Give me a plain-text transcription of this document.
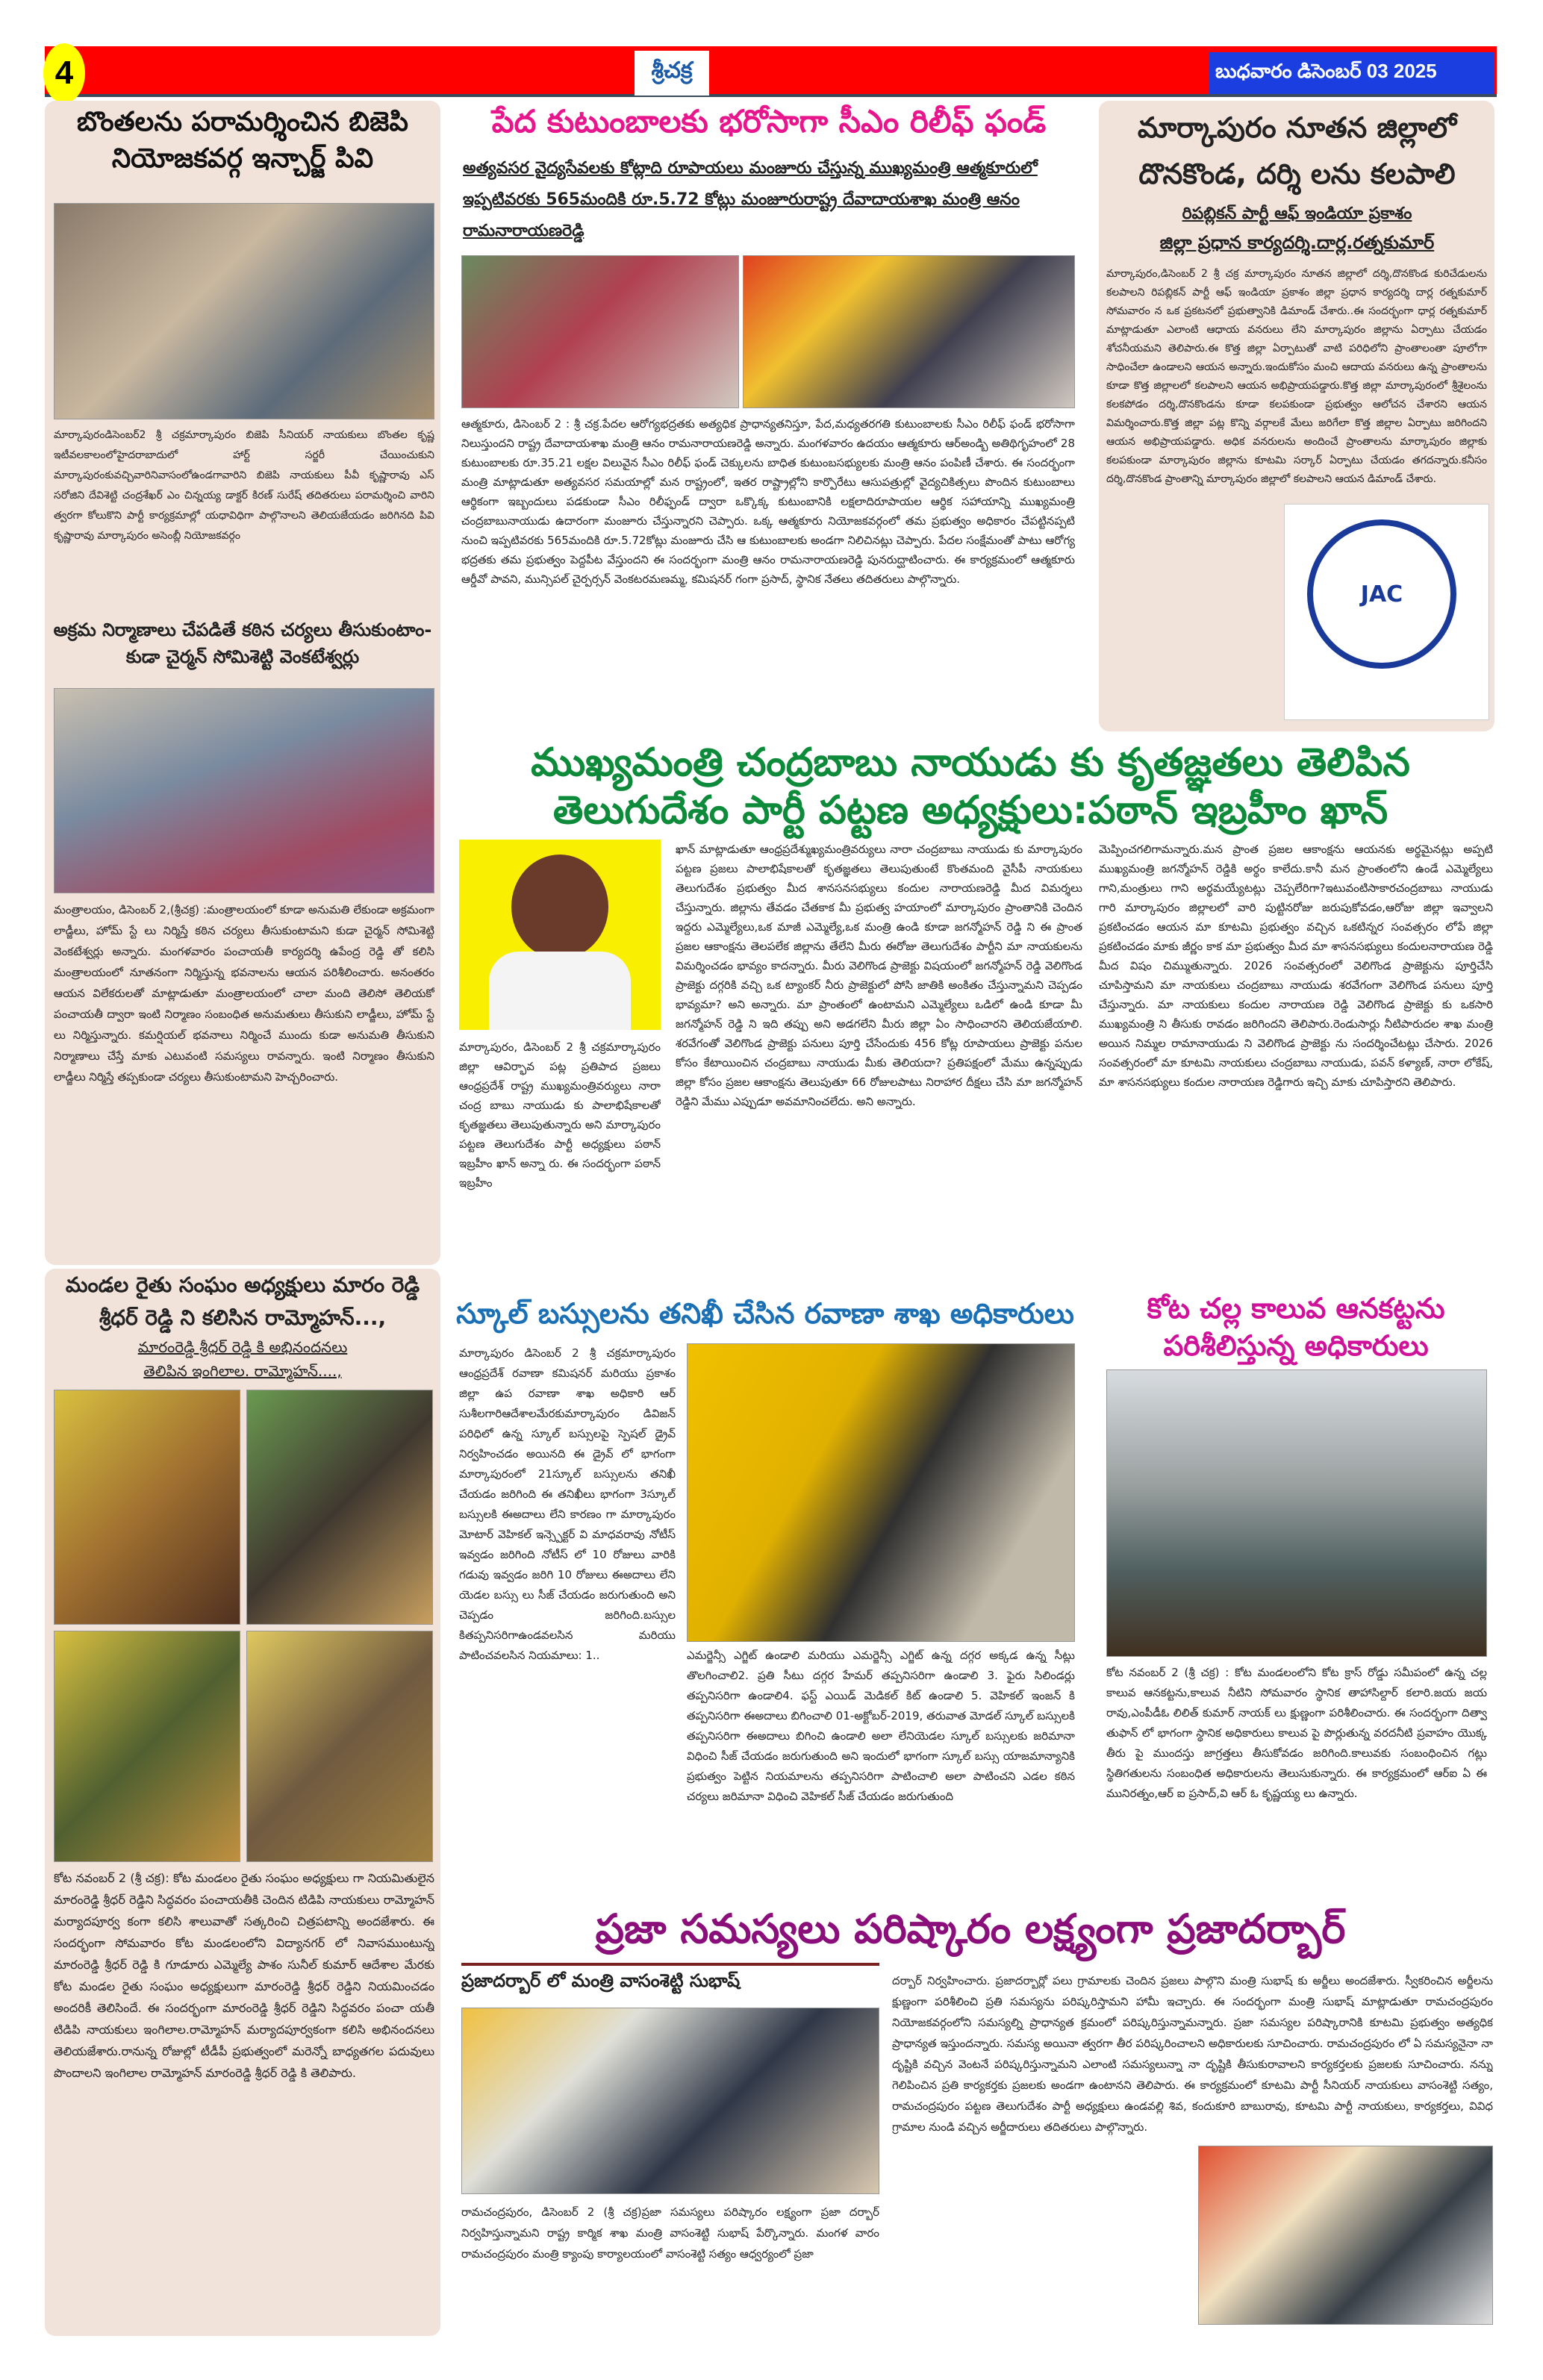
4	శ్రీచక్ర	బుధవారం డిసెంబర్ 03 2025
బొంతలను పరామర్శించిన బిజెపి నియోజకవర్గ ఇన్చార్జ్ పివి
మార్కాపురండిసెంబర్2 శ్రీ చక్రమార్కాపురం బిజెపి సీనియర్ నాయకులు బొంతల కృష్ణ ఇటీవలకాలంలోహైదరాబాదులో హార్ట్ సర్జరీ చేయించుకుని మార్కాపురంకువచ్చివారినివాసంలోఉండగావారిని బిజెపి నాయకులు పీవీ కృష్ణారావు ఎస్ సరోజిని దేవిశెట్టి చంద్రశేఖర్ ఎం చిన్నయ్య డాక్టర్ కిరణ్ సురేష్ తదితరులు పరామర్శించి వారిని త్వరగా కోలుకొని పార్టీ కార్యక్రమాల్లో యధావిధిగా పాల్గొనాలని తెలియజేయడం జరిగినది పివి కృష్ణారావు మార్కాపురం అసెంబ్లీ నియోజకవర్గం
అక్రమ నిర్మాణాలు చేపడితే కఠిన చర్యలు తీసుకుంటాం-కుడా చైర్మన్ సోమిశెట్టి వెంకటేశ్వర్లు
మంత్రాలయం, డిసెంబర్ 2,(శ్రీచక్ర) :మంత్రాలయంలో కూడా అనుమతి లేకుండా అక్రమంగా లాడ్జీలు, హోమ్ స్టే లు నిర్మిస్తే కఠిన చర్యలు తీసుకుంటామని కుడా చైర్మన్ సోమిశెట్టి వెంకటేశ్వర్లు అన్నారు. మంగళవారం పంచాయతీ కార్యదర్శి ఉపేంద్ర రెడ్డి తో కలిసి మంత్రాలయంలో నూతనంగా నిర్మిస్తున్న భవనాలను ఆయన పరిశీలించారు. అనంతరం ఆయన విలేకరులతో మాట్లాడుతూ మంత్రాలయంలో చాలా మంది తెలిసో తెలియకో పంచాయతీ ద్వారా ఇంటి నిర్మాణం సంబంధిత అనుమతులు తీసుకుని లాడ్జీలు, హోమ్ స్టే లు నిర్మిస్తున్నారు. కమర్షియల్ భవనాలు నిర్మించే ముందు కుడా అనుమతి తీసుకుని నిర్మాణాలు చేస్తే మాకు ఎటువంటి సమస్యలు రావన్నారు. ఇంటి నిర్మాణం తీసుకుని లాడ్జీలు నిర్మిస్తే తప్పకుండా చర్యలు తీసుకుంటామని హెచ్చరించారు.
మండల రైతు సంఘం అధ్యక్షులు మారం రెడ్డి శ్రీధర్ రెడ్డి ని కలిసిన రామ్మోహన్...,
మారంరెడ్డి శ్రీధర్ రెడ్డి కి అభినందనలు
తెలిపిన ఇంగిలాల. రామ్మోహన్....,
కోట నవంబర్ 2 (శ్రీ చక్ర): కోట మండలం రైతు సంఘం అధ్యక్షులు గా నియమితులైన మారంరెడ్డి శ్రీధర్ రెడ్డిని సిద్ధవరం పంచాయతీకి చెందిన టిడిపి నాయకులు రామ్మోహన్ మర్యాదపూర్వ కంగా కలిసి శాలువాతో సత్కరించి చిత్రపటాన్ని అందజేశారు. ఈ సందర్భంగా సోమవారం కోట మండలంలోని విద్యానగర్ లో నివాసముంటున్న మారంరెడ్డి శ్రీధర్ రెడ్డి కి గూడూరు ఎమ్మెల్యే పాశం సునీల్ కుమార్ ఆదేశాల మేరకు కోట మండల రైతు సంఘం అధ్యక్షులుగా మారంరెడ్డి శ్రీధర్ రెడ్డిని నియమించడం అందరికీ తెలిసిందే. ఈ సందర్భంగా మారంరెడ్డి శ్రీధర్ రెడ్డిని సిద్ధవరం పంచా యతీ టిడిపి నాయకులు ఇంగిలాల.రామ్మోహన్ మర్యాదపూర్వకంగా కలిసి అభినందనలు తెలియజేశారు.రానున్న రోజుల్లో టీడీపీ ప్రభుత్వంలో మరెన్నో బాధ్యతగల పదువులు పొందాలని ఇంగిలాల రామ్మోహన్ మారంరెడ్డి శ్రీధర్ రెడ్డి కి తెలిపారు.
పేద కుటుంబాలకు భరోసాగా సీఎం రిలీఫ్ ఫండ్
అత్యవసర వైద్యసేవలకు కోట్లాది రూపాయలు మంజూరు చేస్తున్న ముఖ్యమంత్రి ఆత్మకూరులో ఇప్పటివరకు 565మందికి రూ.5.72 కోట్లు మంజూరురాష్ట్ర దేవాదాయశాఖ మంత్రి ఆనం రామనారాయణరెడ్డి
ఆత్మకూరు, డిసెంబర్ 2 : శ్రీ చక్ర.పేదల ఆరోగ్యభద్రతకు అత్యధిక ప్రాధాన్యతనిస్తూ, పేద,మధ్యతరగతి కుటుంబాలకు సీఎం రిలీఫ్ ఫండ్ భరోసాగా నిలుస్తుందని రాష్ట్ర దేవాదాయశాఖ మంత్రి ఆనం రామనారాయణరెడ్డి అన్నారు. మంగళవారం ఉదయం ఆత్మకూరు ఆర్అండ్బి అతిథిగృహంలో 28 కుటుంబాలకు రూ.35.21 లక్షల విలువైన సీఎం రిలీఫ్ ఫండ్ చెక్కులను బాధిత కుటుంబసభ్యులకు మంత్రి ఆనం పంపిణీ చేశారు. ఈ సందర్భంగా మంత్రి మాట్లాడుతూ అత్యవసర సమయాల్లో మన రాష్ట్రంలో, ఇతర రాష్ట్రాల్లోని కార్పొరేటు ఆసుపత్రుల్లో వైద్యచికిత్సలు పొందిన కుటుంబాలు ఆర్థికంగా ఇబ్బందులు పడకుండా సీఎం రిలీఫ్ఫండ్ ద్వారా ఒక్కొక్క కుటుంబానికి లక్షలాదిరూపాయల ఆర్థిక సహాయాన్ని ముఖ్యమంత్రి చంద్రబాబునాయుడు ఉదారంగా మంజూరు చేస్తున్నారని చెప్పారు. ఒక్క ఆత్మకూరు నియోజకవర్గంలో తమ ప్రభుత్వం అధికారం చేపట్టినప్పటి నుంచి ఇప్పటివరకు 565మందికి రూ.5.72కోట్లు మంజూరు చేసి ఆ కుటుంబాలకు అండగా నిలిచినట్లు చెప్పారు. పేదల సంక్షేమంతో పాటు ఆరోగ్య భద్రతకు తమ ప్రభుత్వం పెద్దపీట వేస్తుందని ఈ సందర్భంగా మంత్రి ఆనం రామనారాయణరెడ్డి పునరుద్ఘాటించారు. ఈ కార్యక్రమంలో ఆత్మకూరు ఆర్డీవో పావని, మున్సిపల్ చైర్పర్సన్ వెంకటరమణమ్మ, కమిషనర్ గంగా ప్రసాద్, స్థానిక నేతలు తదితరులు పాల్గొన్నారు.
మార్కాపురం నూతన జిల్లాలో దొనకొండ, దర్శి లను కలపాలి
రిపబ్లికన్ పార్టీ ఆఫ్ ఇండియా ప్రకాశం
జిల్లా ప్రధాన కార్యదర్శి.దార్ల.రత్నకుమార్
మార్కాపురం,డిసెంబర్ 2 శ్రీ చక్ర మార్కాపురం నూతన జిల్లాలో దర్శి,దొనకొండ కురిచేడులను కలపాలని రిపబ్లికన్ పార్టీ ఆఫ్ ఇండియా ప్రకాశం జిల్లా ప్రధాన కార్యదర్శి దార్ల రత్నకుమార్ సోమవారం న ఒక ప్రకటనలో ప్రభుత్వానికి డిమాండ్ చేశారు..ఈ సందర్భంగా ధార్ల రత్నకుమార్ మాట్లాడుతూ ఎలాంటి ఆధాయ వనరులు లేని మార్కాపురం జిల్లాను ఏర్పాటు చేయడం శోచనీయమని తెలిపారు.ఈ కొత్త జిల్లా ఏర్పాటుతో వాటి పరిధిలోని ప్రాంతాలంతా పూలోగా సాధించేలా ఉండాలని ఆయన అన్నారు.ఇందుకోసం మంచి ఆదాయ వనరులు ఉన్న ప్రాంతాలను కూడా కొత్త జిల్లాలలో కలపాలని ఆయన అభిప్రాయపడ్డారు.కొత్త జిల్లా మార్కాపురంలో శ్రీశైలంను కలకపోడం దర్శి,దొనకొండను కూడా కలపకుండా ప్రభుత్వం ఆలోచన చేశారని ఆయన విమర్శించారు.కొత్త జిల్లా పట్ల కొన్ని వర్గాలకే మేలు జరిగేలా కొత్త జిల్లాల ఏర్పాటు జరిగిందని ఆయన అభిప్రాయపడ్డారు. అధిక వనరులను అందించే ప్రాంతాలను మార్కాపురం జిల్లాకు కలపకుండా మార్కాపురం జిల్లాను కూటమి సర్కార్ ఏర్పాటు చేయడం తగదన్నారు.కనీసం దర్శి,దొనకొండ ప్రాంతాన్ని మార్కాపురం జిల్లాలో కలపాలని ఆయన డిమాండ్ చేశారు.
JAC
ముఖ్యమంత్రి చంద్రబాబు నాయుడు కు కృతజ్ఞతలు తెలిపిన
తెలుగుదేశం పార్టీ పట్టణ అధ్యక్షులు:పఠాన్ ఇబ్రహీం ఖాన్
మార్కాపురం, డిసెంబర్ 2 శ్రీ చక్రమార్కాపురం జిల్లా ఆవిర్భావ పట్ల ప్రతిపాద ప్రజలు ఆంధ్రప్రదేశ్ రాష్ట్ర ముఖ్యమంత్రివర్యులు నారా చంద్ర బాబు నాయుడు కు పాలాభిషేకాలతో కృతజ్ఞతలు తెలుపుతున్నారు అని మార్కాపురం పట్టణ తెలుగుదేశం పార్టీ అధ్యక్షులు పఠాన్ ఇబ్రహీం ఖాన్ అన్నా రు. ఈ సందర్భంగా పఠాన్ ఇబ్రహీం
ఖాన్ మాట్లాడుతూ ఆంధ్రప్రదేశ్ముఖ్యమంత్రివర్యులు నారా చంద్రబాబు నాయుడు కు మార్కాపురం పట్టణ ప్రజలు పాలాభిషేకాలతో కృతజ్ఞతలు తెలుపుతుంటే కొంతమంది వైసీపీ నాయకులు తెలుగుదేశం ప్రభుత్వం మీద శానసనసభ్యులు కందుల నారాయణరెడ్డి మీద విమర్శలు చేస్తున్నారు. జిల్లాను తేవడం చేతకాక మీ ప్రభుత్వ హయాంలో మార్కాపురం ప్రాంతానికి చెందిన ఇద్దరు ఎమ్మెల్యేలు,ఒక మాజీ ఎమ్మెల్యే,ఒక మంత్రి ఉండి కూడా జగన్మోహన్ రెడ్డి ని ఈ ప్రాంత ప్రజల ఆకాంక్షను తెలపలేక జిల్లాను తేలేని మీరు ఈరోజు తెలుగుదేశం పార్టీని మా నాయకులను విమర్శించడం భావ్యం కాదన్నారు. మీరు వెలిగొండ ప్రాజెక్టు విషయంలో జగన్మోహన్ రెడ్డి వెలిగొండ ప్రాజెక్టు దగ్గరికి వచ్చి ఒక ట్యాంకర్ నీరు ప్రాజెక్టులో పోసి జాతికి అంకితం చేస్తున్నామని చెప్పడం భావ్యమా? అని అన్నారు. మా ప్రాంతంలో ఉంటామని ఎమ్మెల్యేలు ఒడిలో ఉండి కూడా మీ జగన్మోహన్ రెడ్డి ని ఇది తప్పు అని అడగలేని మీరు జిల్లా ఏం సాధించారని తెలియజేయాలి. శరవేగంతో వెలిగొండ ప్రాజెక్టు పనులు పూర్తి చేసేందుకు 456 కోట్ల రూపాయలు ప్రాజెక్టు పనుల కోసం కేటాయించిన చంద్రబాబు నాయుడు మీకు తెలియదా? ప్రతిపక్షంలో మేము ఉన్నప్పుడు జిల్లా కోసం ప్రజల ఆకాంక్షను తెలుపుతూ 66 రోజులపాటు నిరాహార దీక్షలు చేసి మా జగన్మోహన్ రెడ్డిని మేము ఎప్పుడూ అవమానించలేదు. అని అన్నారు.
మెప్పించగలిగామన్నారు.మన ప్రాంత ప్రజల ఆకాంక్షను ఆయనకు అర్థమైనట్లు అప్పటి ముఖ్యమంత్రి జగన్మోహన్ రెడ్డికి అర్థం కాలేదు.కానీ మన ప్రాంతంలోని ఉండే ఎమ్మెల్యేలు గాని,మంత్రులు గాని అర్థమయ్యేటట్లు చెప్పలేరిగా?ఇటువంటిసాకారచంద్రబాబు నాయుడు గారి మార్కాపురం జిల్లాలలో వారి పుట్టినరోజు జరుపుకోవడం,ఆరోజు జిల్లా ఇవ్వాలని ప్రకటించడం ఆయన మా కూటమి ప్రభుత్వం వచ్చిన ఒకటిన్నర సంవత్సరం లోపే జిల్లా ప్రకటించడం మాకు జీర్ణం కాక మా ప్రభుత్వం మీద మా శాసనసభ్యులు కందులనారాయణ రెడ్డి మీద విషం చిమ్ముతున్నారు. 2026 సంవత్సరంలో వెలిగొండ ప్రాజెక్టును పూర్తిచేసి చూపిస్తామని మా నాయకులు చంద్రబాబు నాయుడు శరవేగంగా వెలిగొండ పనులు పూర్తి చేస్తున్నారు. మా నాయకులు కందుల నారాయణ రెడ్డి వెలిగొండ ప్రాజెక్టు కు ఒకసారి ముఖ్యమంత్రి ని తీసుకు రావడం జరిగిందని తెలిపారు.రెండుసార్లు నీటిపారుదల శాఖ మంత్రి అయిన నిమ్మల రామానాయుడు ని వెలిగొండ ప్రాజెక్టు ను సందర్శించేటట్లు చేసారు. 2026 సంవత్సరంలో మా కూటమి నాయకులు చంద్రబాబు నాయుడు, పవన్ కళ్యాణ్, నారా లోకేష్, మా శాసనసభ్యులు కందుల నారాయణ రెడ్డిగారు ఇచ్చి మాకు చూపిస్తారని తెలిపారు.
స్కూల్ బస్సులను తనిఖీ చేసిన రవాణా శాఖ అధికారులు
మార్కాపురం డిసెంబర్ 2 శ్రీ చక్రమార్కాపురం ఆంధ్రప్రదేశ్ రవాణా కమిషనర్ మరియు ప్రకాశం జిల్లా ఉప రవాణా శాఖ అధికారి ఆర్ సుశీలగారిఆదేశాలమేరకుమార్కాపురం డివిజన్ పరిధిలో ఉన్న స్కూల్ బస్సులపై స్పెషల్ డ్రైవ్ నిర్వహించడం అయినది ఈ డ్రైవ్ లో భాగంగా మార్కాపురంలో 21స్కూల్ బస్సులను తనిఖీ చేయడం జరిగింది ఈ తనిఖీలు భాగంగా 3స్కూల్ బస్సులకి ఈఅదాలు లేని కారణం గా మార్కాపురం మోటార్ వెహికల్ ఇన్స్పెక్టర్ వి మాధవరావు నోటీస్ ఇవ్వడం జరిగింది నోటీస్ లో 10 రోజులు వారికి గడువు ఇవ్వడం జరిగి 10 రోజులు ఈఅదాలు లేని యెడల బస్సు లు సీజ్ చేయడం జరుగుతుంది అని చెప్పడం జరిగింది.బస్సుల కితప్పనిసరిగాఉండవలసిన మరియు పాటించవలసిన నియమాలు: 1..	ఎమర్జెన్సీ ఎగ్జిట్ ఉండాలి మరియు ఎమర్జెన్సీ ఎగ్జిట్ ఉన్న దగ్గర అక్కడ ఉన్న సీట్లు తొలగించాలి2. ప్రతి సీటు దగ్గర హేమర్ తప్పనిసరిగా ఉండాలి 3. ఫైరు సిలిండర్లు తప్పనిసరిగా ఉండాలి4. ఫస్ట్ ఎయిడ్ మెడికల్ కిట్ ఉండాలి 5. వెహికల్ ఇంజన్ కి తప్పనిసరిగా ఈఅదాలు బిగించాలి 01-అక్టోబర్-2019, తరువాత మోడల్ స్కూల్ బస్సులకి తప్పనిసరిగా ఈఅదాలు బిగించి ఉండాలి అలా లేనియెడల స్కూల్ బస్సులకు జరిమానా విధించి సీజ్ చేయడం జరుగుతుంది అని ఇందులో భాగంగా స్కూల్ బస్సు యాజమాన్యానికి ప్రభుత్వం పెట్టిన నియమాలను తప్పనిసరిగా పాటించాలి అలా పాటించని ఎడల కఠిన చర్యలు జరిమానా విధించి వెహికల్ సీజ్ చేయడం జరుగుతుంది
కోట చల్ల కాలువ ఆనకట్టను పరిశీలిస్తున్న అధికారులు
కోట నవంబర్ 2 (శ్రీ చక్ర) : కోట మండలంలోని కోట క్రాస్ రోడ్డు సమీపంలో ఉన్న చల్ల కాలువ ఆనకట్టను,కాలువ నీటిని సోమవారం స్థానిక తాహాసిల్దార్ కలారి.జయ జయ రావు,ఎంపీడీఓ లిలిత్ కుమార్ నాయక్ లు క్షుణ్ణంగా పరిశీలించారు. ఈ సందర్భంగా దిత్వా తుఫాన్ లో భాగంగా స్థానిక అధికారులు కాలువ పై పొర్లుతున్న వరదనీటి ప్రవాహం యొక్క తీరు పై ముందస్తు జాగ్రత్తలు తీసుకోవడం జరిగింది.కాలువకు సంబంధించిన గట్లు స్థితిగతులను సంబంధిత అధికారులను తెలుసుకున్నారు. ఈ కార్యక్రమంలో ఆర్ఐ ఏ ఈ మునిరత్నం,ఆర్ ఐ ప్రసాద్,వి ఆర్ ఓ కృష్ణయ్య లు ఉన్నారు.
ప్రజా సమస్యలు పరిష్కారం లక్ష్యంగా ప్రజాదర్బార్
ప్రజాదర్బార్ లో మంత్రి వాసంశెట్టి సుభాష్
రామచంద్రపురం, డిసెంబర్ 2 (శ్రీ చక్ర)ప్రజా సమస్యలు పరిష్కారం లక్ష్యంగా ప్రజా దర్బార్ నిర్వహిస్తున్నామని రాష్ట్ర కార్మిక శాఖ మంత్రి వాసంశెట్టి సుభాష్ పేర్కొన్నారు. మంగళ వారం రామచంద్రపురం మంత్రి క్యాంపు కార్యాలయంలో వాసంశెట్టి సత్యం ఆధ్వర్యంలో ప్రజా
దర్బార్ నిర్వహించారు. ప్రజాదర్బార్లో పలు గ్రామాలకు చెందిన ప్రజలు పాల్గొని మంత్రి సుభాష్ కు అర్జీలు అందజేశారు. స్వీకరించిన అర్జీలను క్షుణ్ణంగా పరిశీలించి ప్రతి సమస్యను పరిష్కరిస్తామని హామీ ఇచ్చారు. ఈ సందర్భంగా మంత్రి సుభాష్ మాట్లాడుతూ రామచంద్రపురం నియోజకవర్గంలోని సమస్యల్ని ప్రాధాన్యత క్రమంలో పరిష్కరిస్తున్నామన్నారు. ప్రజా సమస్యల పరిష్కారానికి కూటమి ప్రభుత్వం అత్యధిక ప్రాధాన్యత ఇస్తుందన్నారు. సమస్య అయినా త్వరగా తీర పరిష్కరించాలని అధికారులకు సూచించారు. రామచంద్రపురం లో ఏ సమస్యనైనా నా దృష్టికి వచ్చిన వెంటనే పరిష్కరిస్తున్నామని ఎలాంటి సమస్యలున్నా నా దృష్టికి తీసుకురావాలని కార్యకర్తలకు ప్రజలకు సూచించారు. నన్ను గెలిపించిన ప్రతి కార్యకర్తకు ప్రజలకు అండగా ఉంటానని తెలిపారు. ఈ కార్యక్రమంలో కూటమి పార్టీ సీనియర్ నాయకులు వాసంశెట్టి సత్యం, రామచంద్రపురం పట్టణ తెలుగుదేశం పార్టీ అధ్యక్షులు ఉండవల్లి శివ, కందుకూరి బాబురావు, కూటమి పార్టీ నాయకులు, కార్యకర్తలు, వివిధ గ్రామాల నుండి వచ్చిన అర్జీదారులు తదితరులు పాల్గొన్నారు.
